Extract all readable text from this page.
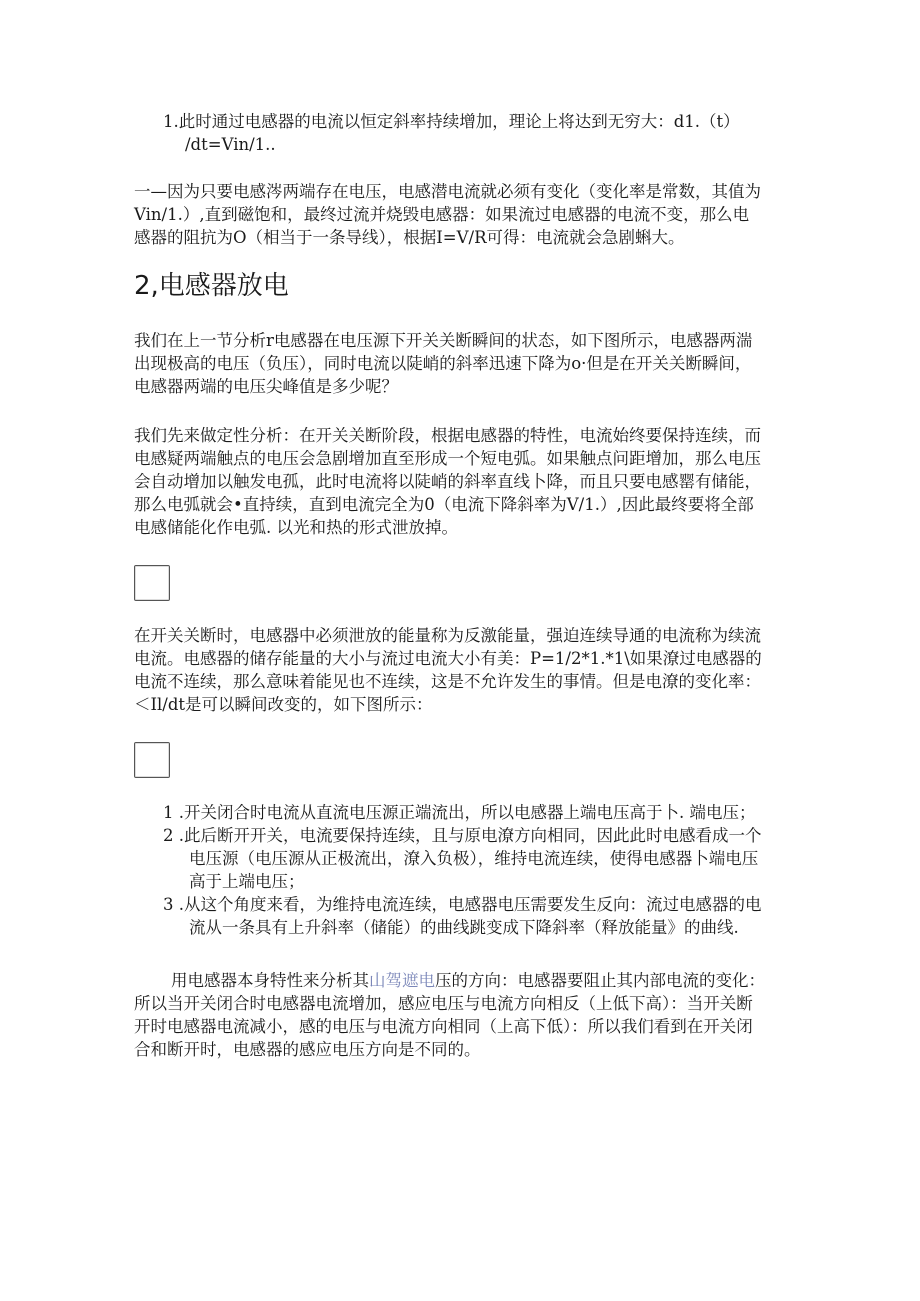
1.此时通过电感器的电流以恒定斜率持续增加，理论上将达到无穷大：d1.（t）
/dt=Vin/1..
一—因为只要电感涔两端存在电压，电感潜电流就必须有变化（变化率是常数，其值为
Vin/1.）,直到磁饱和，最终过流并烧毁电感器：如果流过电感器的电流不变，那么电
感器的阻抗为O（相当于一条导线），根据I=V/R可得：电流就会急剧蝌大。
2,电感器放电
我们在上一节分析r电感器在电压源下开关关断瞬间的状态，如下图所示，电感器两湍
出现极高的电压（负压），同时电流以陡峭的斜率迅速下降为o·但是在开关关断瞬间，
电感器两端的电压尖峰值是多少呢？
我们先来做定性分析：在开关关断阶段，根据电感器的特性，电流始终要保持连续，而
电感疑两端触点的电压会急剧增加直至形成一个短电弧。如果触点问距增加，那么电压
会自动增加以触发电孤，此时电流将以陡峭的斜率直线卜降，而且只要电感罂有储能，
那么电弧就会•直持续，直到电流完全为0（电流下降斜率为V/1.）,因此最终要将全部
电感储能化作电弧. 以光和热的形式泄放掉。
在开关关断时，电感器中必须泄放的能量称为反激能量，强迫连续导通的电流称为续流
电流。电感器的储存能量的大小与流过电流大小有美：P=1/2*1.*1\如果潦过电感器的
电流不连续，那么意味着能见也不连续，这是不允许发生的事情。但是电潦的变化率：
＜Il/dt是可以瞬间改变的，如下图所示：
1 .开关闭合时电流从直流电压源正端流出，所以电感器上端电压高于卜. 端电压；
2 .此后断开开关，电流要保持连续，且与原电潦方向相同，因此此时电感看成一个
电压源（电压源从正极流出，潦入负极），维持电流连续，使得电感器卜端电压
高于上端电压；
3 .从这个角度来看，为维持电流连续，电感器电压需要发生反向：流过电感器的电
流从一条具有上升斜率（储能）的曲线跳变成下降斜率（释放能量》的曲线.
用电感器本身特性来分析其山驾遮电压的方向：电感器要阻止其内部电流的变化：
所以当开关闭合时电感器电流增加，感应电压与电流方向相反（上低下高）：当开关断
开时电感器电流减小，感的电压与电流方向相同（上高下低）：所以我们看到在开关闭
合和断开时，电感器的感应电压方向是不同的。
